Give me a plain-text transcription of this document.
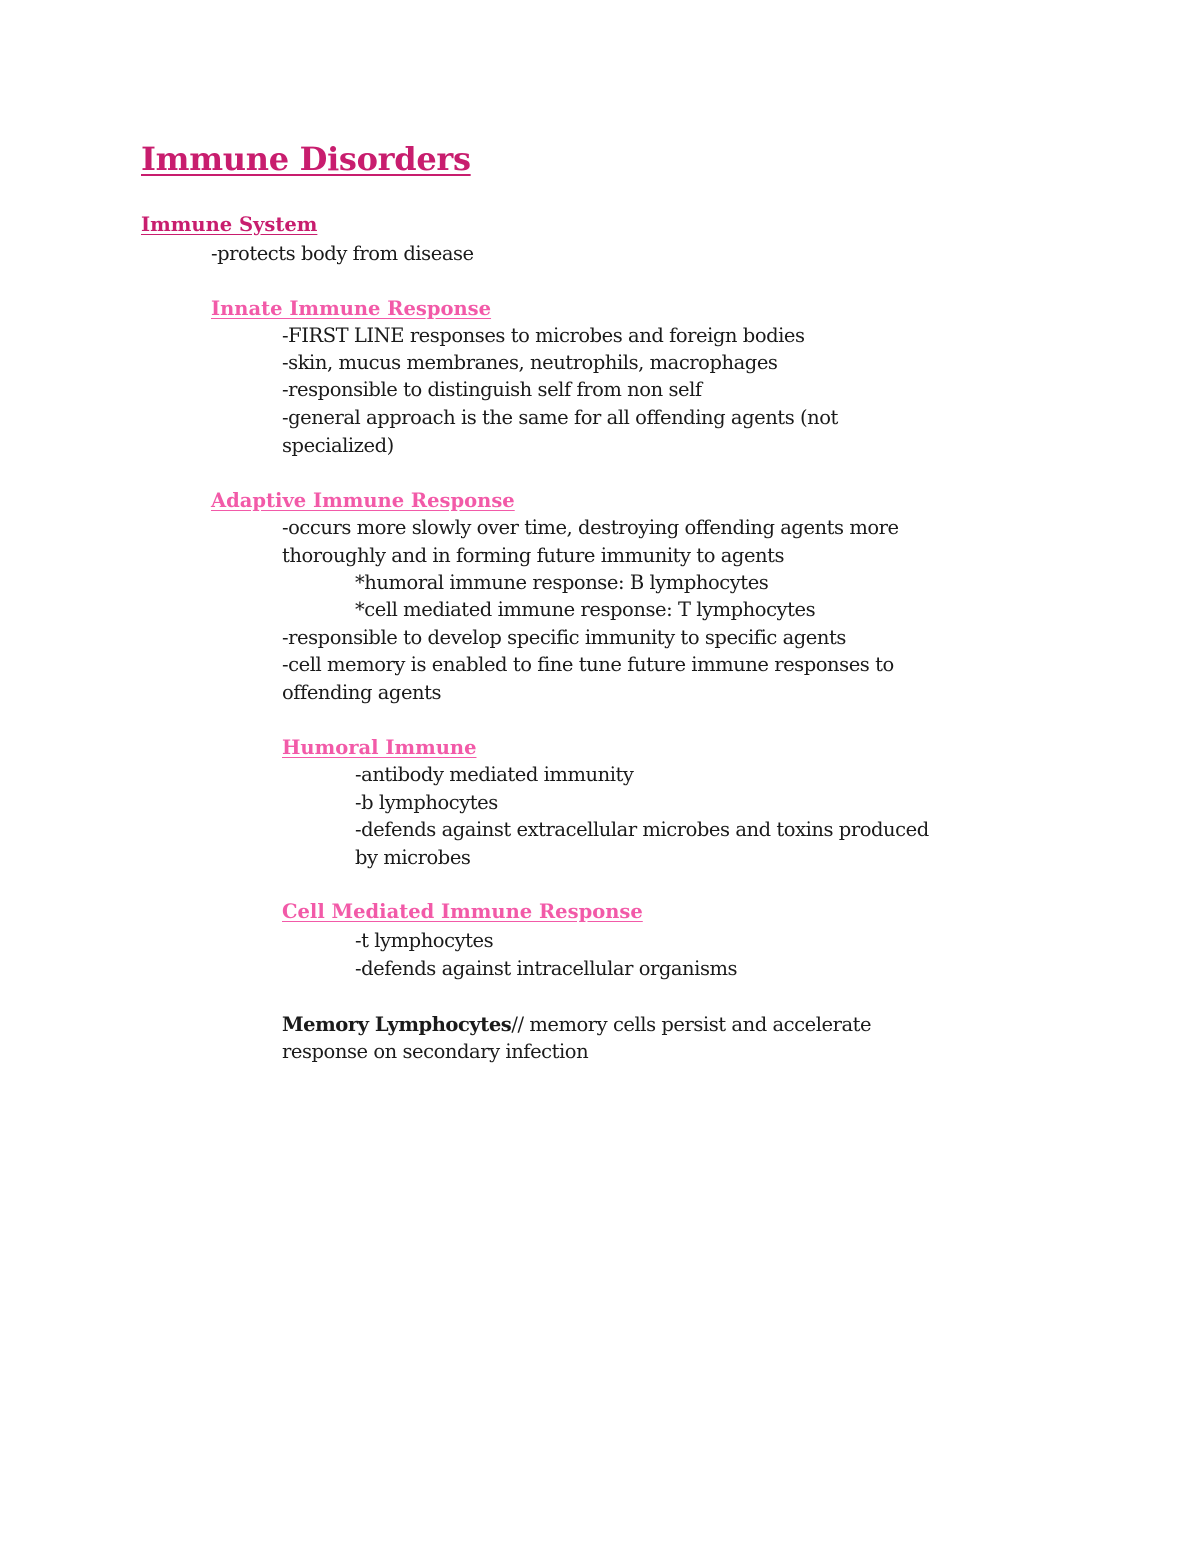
Immune Disorders

Immune System

-protects body from disease

Innate Immune Response

-FIRST LINE responses to microbes and foreign bodies

-skin, mucus membranes, neutrophils, macrophages

-responsible to distinguish self from non self

-general approach is the same for all offending agents (not

specialized)

Adaptive Immune Response

-occurs more slowly over time, destroying offending agents more

thoroughly and in forming future immunity to agents

*humoral immune response: B lymphocytes

*cell mediated immune response: T lymphocytes

-responsible to develop specific immunity to specific agents

-cell memory is enabled to fine tune future immune responses to

offending agents

Humoral Immune

-antibody mediated immunity

-b lymphocytes

-defends against extracellular microbes and toxins produced

by microbes

Cell Mediated Immune Response

-t lymphocytes

-defends against intracellular organisms

Memory Lymphocytes// memory cells persist and accelerate

response on secondary infection
